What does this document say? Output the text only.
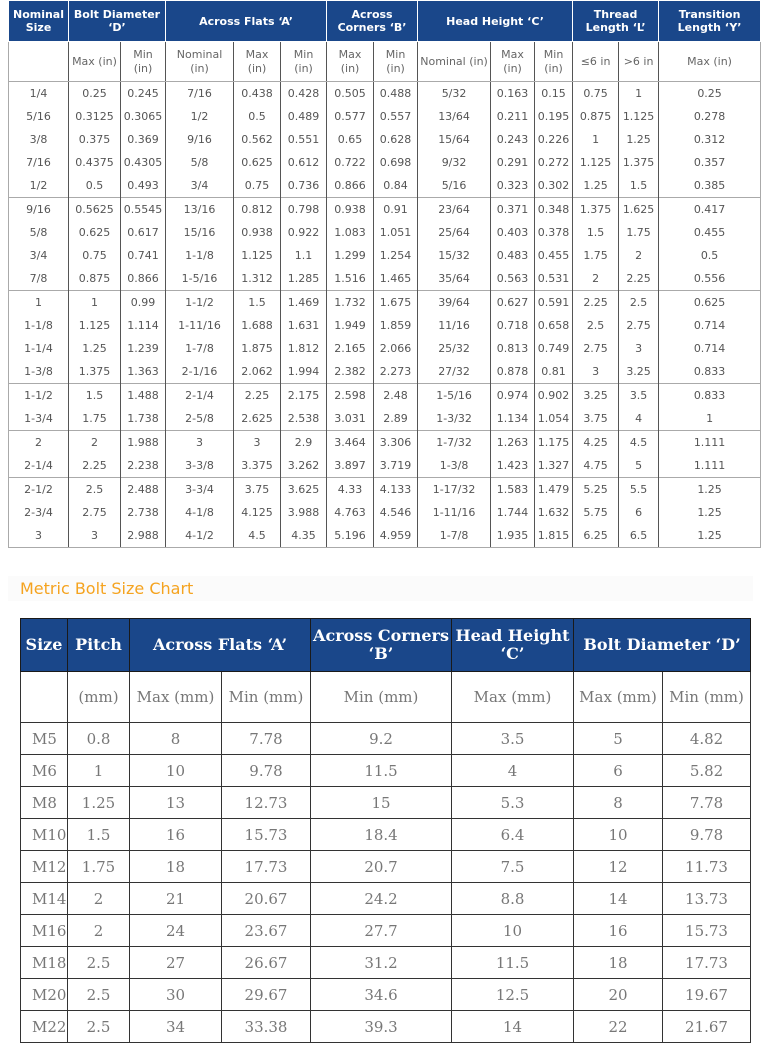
Nominal Size	Bolt Diameter ‘D’		Across Flats ‘A’			Across Corners ‘B’		Head Height ‘C’			Thread Length ‘L’		Transition Length ‘Y’
	Max (in)	Min (in)	Nominal (in)	Max (in)	Min (in)	Max (in)	Min (in)	Nominal (in)	Max (in)	Min (in)	≤6 in	>6 in	Max (in)
1/4	0.25	0.245	7/16	0.438	0.428	0.505	0.488	5/32	0.163	0.15	0.75	1	0.25
5/16	0.3125	0.3065	1/2	0.5	0.489	0.577	0.557	13/64	0.211	0.195	0.875	1.125	0.278
3/8	0.375	0.369	9/16	0.562	0.551	0.65	0.628	15/64	0.243	0.226	1	1.25	0.312
7/16	0.4375	0.4305	5/8	0.625	0.612	0.722	0.698	9/32	0.291	0.272	1.125	1.375	0.357
1/2	0.5	0.493	3/4	0.75	0.736	0.866	0.84	5/16	0.323	0.302	1.25	1.5	0.385
9/16	0.5625	0.5545	13/16	0.812	0.798	0.938	0.91	23/64	0.371	0.348	1.375	1.625	0.417
5/8	0.625	0.617	15/16	0.938	0.922	1.083	1.051	25/64	0.403	0.378	1.5	1.75	0.455
3/4	0.75	0.741	1-1/8	1.125	1.1	1.299	1.254	15/32	0.483	0.455	1.75	2	0.5
7/8	0.875	0.866	1-5/16	1.312	1.285	1.516	1.465	35/64	0.563	0.531	2	2.25	0.556
1	1	0.99	1-1/2	1.5	1.469	1.732	1.675	39/64	0.627	0.591	2.25	2.5	0.625
1-1/8	1.125	1.114	1-11/16	1.688	1.631	1.949	1.859	11/16	0.718	0.658	2.5	2.75	0.714
1-1/4	1.25	1.239	1-7/8	1.875	1.812	2.165	2.066	25/32	0.813	0.749	2.75	3	0.714
1-3/8	1.375	1.363	2-1/16	2.062	1.994	2.382	2.273	27/32	0.878	0.81	3	3.25	0.833
1-1/2	1.5	1.488	2-1/4	2.25	2.175	2.598	2.48	1-5/16	0.974	0.902	3.25	3.5	0.833
1-3/4	1.75	1.738	2-5/8	2.625	2.538	3.031	2.89	1-3/32	1.134	1.054	3.75	4	1
2	2	1.988	3	3	2.9	3.464	3.306	1-7/32	1.263	1.175	4.25	4.5	1.111
2-1/4	2.25	2.238	3-3/8	3.375	3.262	3.897	3.719	1-3/8	1.423	1.327	4.75	5	1.111
2-1/2	2.5	2.488	3-3/4	3.75	3.625	4.33	4.133	1-17/32	1.583	1.479	5.25	5.5	1.25
2-3/4	2.75	2.738	4-1/8	4.125	3.988	4.763	4.546	1-11/16	1.744	1.632	5.75	6	1.25
3	3	2.988	4-1/2	4.5	4.35	5.196	4.959	1-7/8	1.935	1.815	6.25	6.5	1.25
Metric Bolt Size Chart
Size	Pitch	Across Flats ‘A’		Across Corners ‘B’	Head Height ‘C’	Bolt Diameter ‘D’	
	(mm)	Max (mm)	Min (mm)	Min (mm)	Max (mm)	Max (mm)	Min (mm)
M5	0.8	8	7.78	9.2	3.5	5	4.82
M6	1	10	9.78	11.5	4	6	5.82
M8	1.25	13	12.73	15	5.3	8	7.78
M10	1.5	16	15.73	18.4	6.4	10	9.78
M12	1.75	18	17.73	20.7	7.5	12	11.73
M14	2	21	20.67	24.2	8.8	14	13.73
M16	2	24	23.67	27.7	10	16	15.73
M18	2.5	27	26.67	31.2	11.5	18	17.73
M20	2.5	30	29.67	34.6	12.5	20	19.67
M22	2.5	34	33.38	39.3	14	22	21.67
